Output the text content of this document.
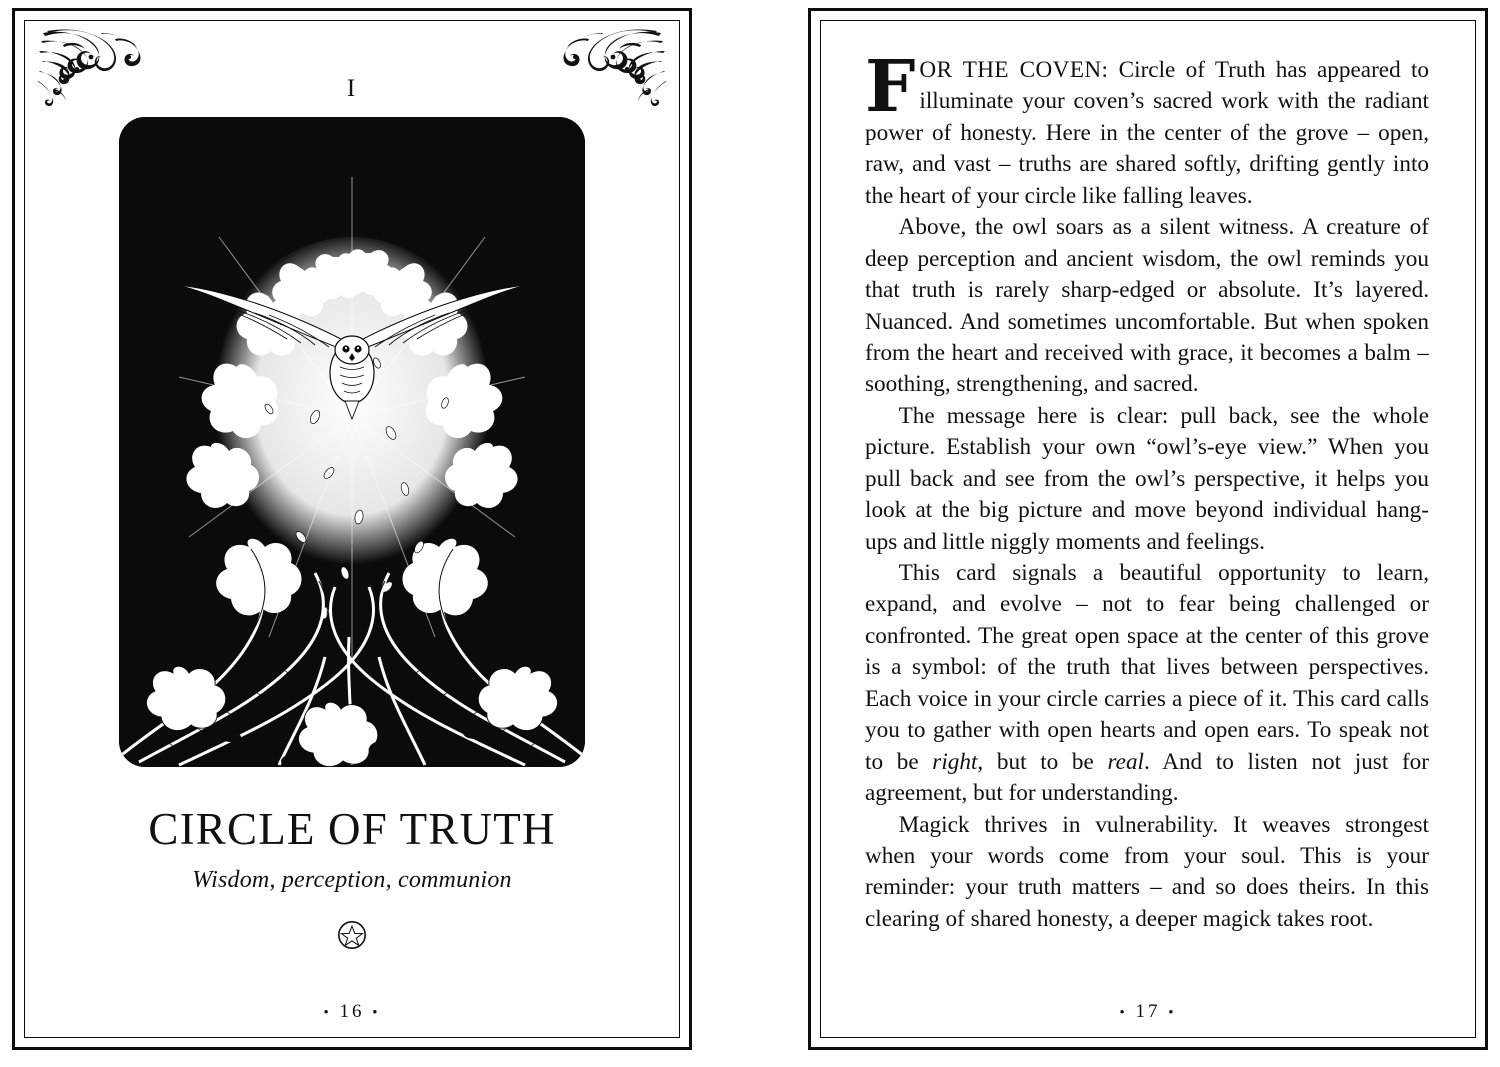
I
CIRCLE OF TRUTH
Wisdom, perception, communion
• 16 •

FOR THE COVEN: Circle of Truth has appeared to illuminate your coven’s sacred work with the radiant power of honesty. Here in the center of the grove – open, raw, and vast – truths are shared softly, drifting gently into the heart of your circle like falling leaves.

Above, the owl soars as a silent witness. A creature of deep perception and ancient wisdom, the owl reminds you that truth is rarely sharp-edged or absolute. It’s layered. Nuanced. And sometimes uncomfortable. But when spoken from the heart and received with grace, it becomes a balm – soothing, strengthening, and sacred.

The message here is clear: pull back, see the whole picture. Establish your own “owl’s-eye view.” When you pull back and see from the owl’s perspective, it helps you look at the big picture and move beyond individual hang-ups and little niggly moments and feelings.

This card signals a beautiful opportunity to learn, expand, and evolve – not to fear being challenged or confronted. The great open space at the center of this grove is a symbol: of the truth that lives between perspectives. Each voice in your circle carries a piece of it. This card calls you to gather with open hearts and open ears. To speak not to be right, but to be real. And to listen not just for agreement, but for understanding.

Magick thrives in vulnerability. It weaves strongest when your words come from your soul. This is your reminder: your truth matters – and so does theirs. In this clearing of shared honesty, a deeper magick takes root.

• 17 •
